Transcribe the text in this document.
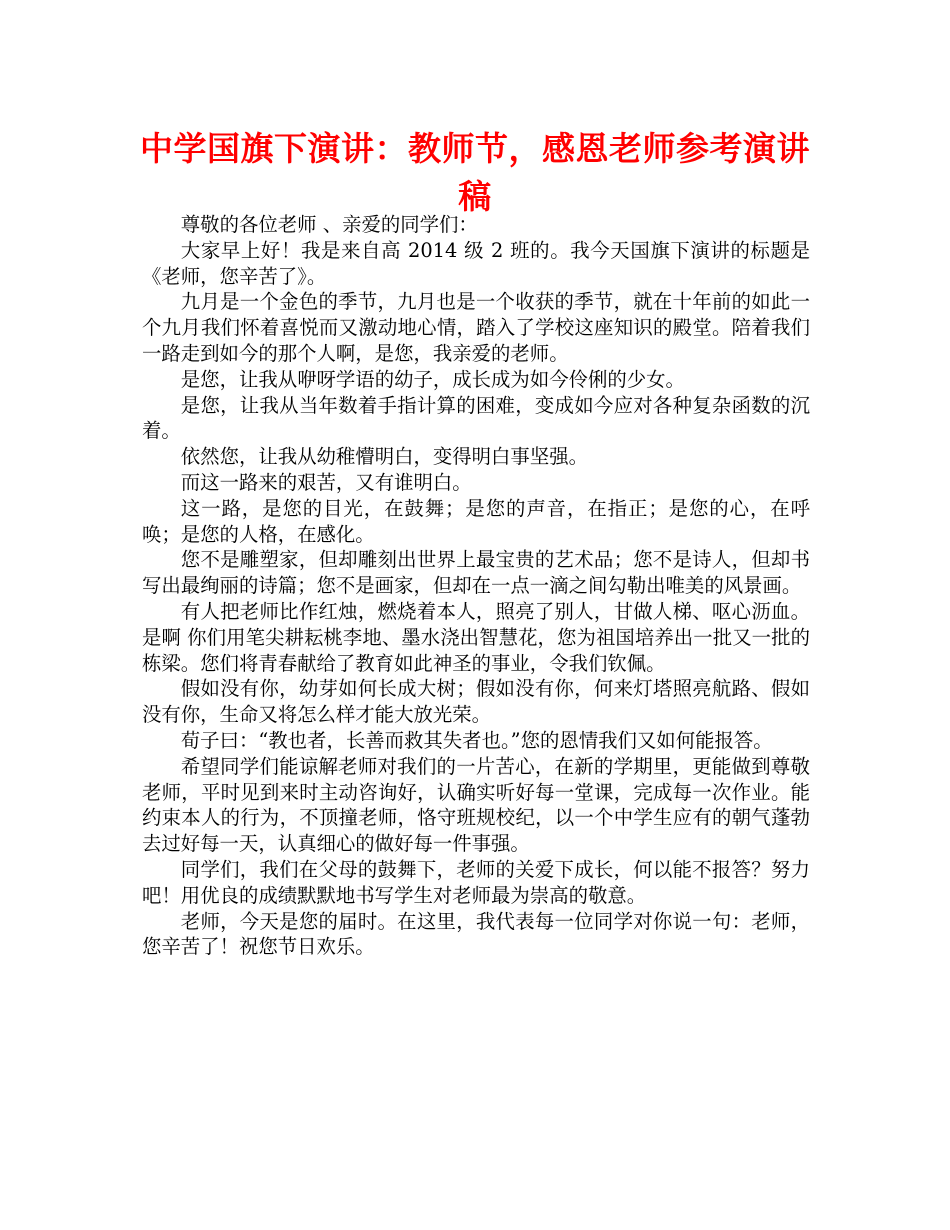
中学国旗下演讲：教师节，感恩老师参考演讲稿

尊敬的各位老师 、亲爱的同学们：

大家早上好！我是来自高 2014 级 2 班的。我今天国旗下演讲的标题是《老师，您辛苦了》。

九月是一个金色的季节，九月也是一个收获的季节，就在十年前的如此一个九月我们怀着喜悦而又激动地心情，踏入了学校这座知识的殿堂。陪着我们一路走到如今的那个人啊，是您，我亲爱的老师。

是您，让我从咿呀学语的幼子，成长成为如今伶俐的少女。

是您，让我从当年数着手指计算的困难，变成如今应对各种复杂函数的沉着。

依然您，让我从幼稚懵明白，变得明白事坚强。

而这一路来的艰苦，又有谁明白。

这一路，是您的目光，在鼓舞；是您的声音，在指正；是您的心，在呼唤；是您的人格，在感化。

您不是雕塑家，但却雕刻出世界上最宝贵的艺术品；您不是诗人，但却书写出最绚丽的诗篇；您不是画家，但却在一点一滴之间勾勒出唯美的风景画。

有人把老师比作红烛，燃烧着本人，照亮了别人，甘做人梯、呕心沥血。是啊 你们用笔尖耕耘桃李地、墨水浇出智慧花，您为祖国培养出一批又一批的栋梁。您们将青春献给了教育如此神圣的事业，令我们钦佩。

假如没有你，幼芽如何长成大树；假如没有你，何来灯塔照亮航路、假如没有你，生命又将怎么样才能大放光荣。

荀子曰：“教也者，长善而救其失者也。”您的恩情我们又如何能报答。

希望同学们能谅解老师对我们的一片苦心，在新的学期里，更能做到尊敬老师，平时见到来时主动咨询好，认确实听好每一堂课，完成每一次作业。能约束本人的行为，不顶撞老师，恪守班规校纪，以一个中学生应有的朝气蓬勃去过好每一天，认真细心的做好每一件事强。

同学们，我们在父母的鼓舞下，老师的关爱下成长，何以能不报答？努力吧！用优良的成绩默默地书写学生对老师最为崇高的敬意。

老师，今天是您的届时。在这里，我代表每一位同学对你说一句：老师，您辛苦了！祝您节日欢乐。
